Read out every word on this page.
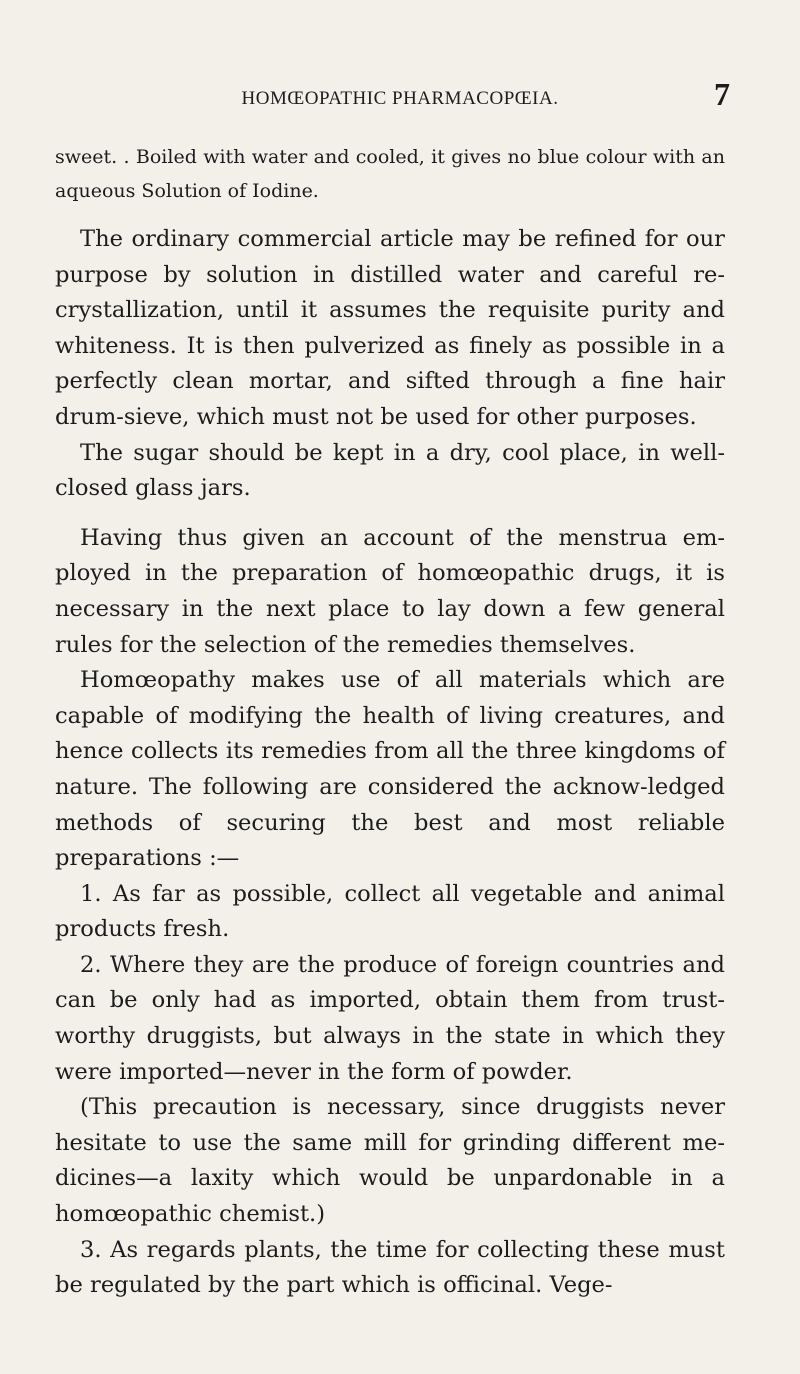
HOMŒOPATHIC PHARMACOPŒIA.	7

sweet. . Boiled with water and cooled, it gives no blue colour with an aqueous Solution of Iodine.

The ordinary commercial article may be refined for our purpose by solution in distilled water and careful re-crystallization, until it assumes the requisite purity and whiteness. It is then pulverized as finely as possible in a perfectly clean mortar, and sifted through a fine hair drum-sieve, which must not be used for other purposes.

The sugar should be kept in a dry, cool place, in well-closed glass jars.

Having thus given an account of the menstrua em-ployed in the preparation of homœopathic drugs, it is necessary in the next place to lay down a few general rules for the selection of the remedies themselves.

Homœopathy makes use of all materials which are capable of modifying the health of living creatures, and hence collects its remedies from all the three kingdoms of nature. The following are considered the acknow-ledged methods of securing the best and most reliable preparations :—

1. As far as possible, collect all vegetable and animal products fresh.

2. Where they are the produce of foreign countries and can be only had as imported, obtain them from trust-worthy druggists, but always in the state in which they were imported—never in the form of powder.

(This precaution is necessary, since druggists never hesitate to use the same mill for grinding different me-dicines—a laxity which would be unpardonable in a homœopathic chemist.)

3. As regards plants, the time for collecting these must be regulated by the part which is officinal. Vege-
